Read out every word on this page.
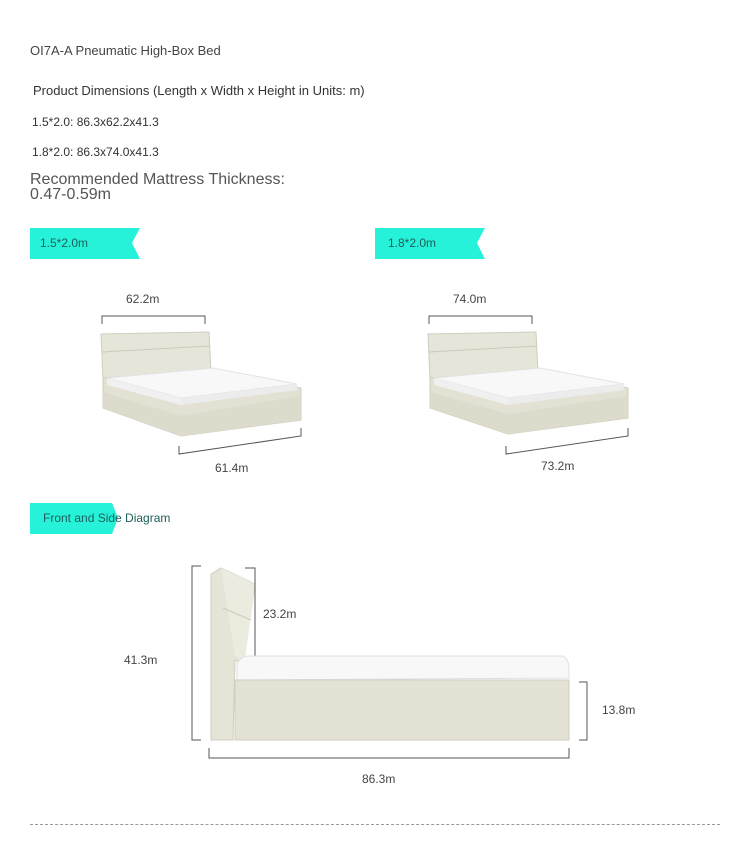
OI7A-A Pneumatic High-Box Bed
Product Dimensions (Length x Width x Height in Units: m)
1.5*2.0: 86.3x62.2x41.3
1.8*2.0: 86.3x74.0x41.3
Recommended Mattress Thickness:
0.47-0.59m
1.5*2.0m	1.8*2.0m
62.2m
61.4m
74.0m
73.2m
Front and Side Diagram
41.3m
23.2m
13.8m
86.3m
